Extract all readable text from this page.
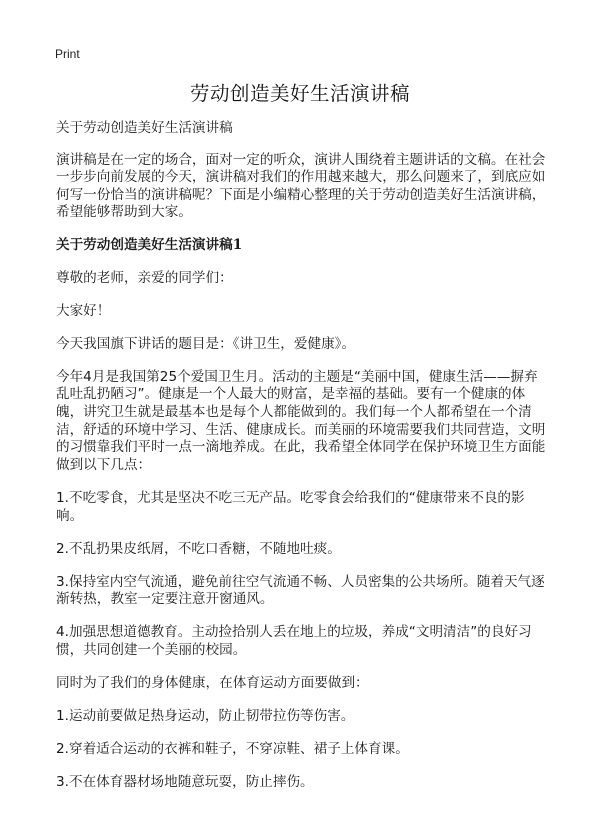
Print
劳动创造美好生活演讲稿

关于劳动创造美好生活演讲稿

演讲稿是在一定的场合，面对一定的听众，演讲人围绕着主题讲话的文稿。在社会一步步向前发展的今天，演讲稿对我们的作用越来越大，那么问题来了，到底应如何写一份恰当的演讲稿呢？下面是小编精心整理的关于劳动创造美好生活演讲稿，希望能够帮助到大家。

关于劳动创造美好生活演讲稿1

尊敬的老师，亲爱的同学们：

大家好！

今天我国旗下讲话的题目是：《讲卫生，爱健康》。

今年4月是我国第25个爱国卫生月。活动的主题是“美丽中国，健康生活——摒弃乱吐乱扔陋习”。健康是一个人最大的财富，是幸福的基础。要有一个健康的体魄，讲究卫生就是最基本也是每个人都能做到的。我们每一个人都希望在一个清洁，舒适的环境中学习、生活、健康成长。而美丽的环境需要我们共同营造，文明的习惯靠我们平时一点一滴地养成。在此，我希望全体同学在保护环境卫生方面能做到以下几点：

1.不吃零食，尤其是坚决不吃三无产品。吃零食会给我们的“健康带来不良的影响。

2.不乱扔果皮纸屑，不吃口香糖，不随地吐痰。

3.保持室内空气流通，避免前往空气流通不畅、人员密集的公共场所。随着天气逐渐转热，教室一定要注意开窗通风。

4.加强思想道德教育。主动捡拾别人丢在地上的垃圾，养成“文明清洁”的良好习惯，共同创建一个美丽的校园。

同时为了我们的身体健康，在体育运动方面要做到：

1.运动前要做足热身运动，防止韧带拉伤等伤害。

2.穿着适合运动的衣裤和鞋子，不穿凉鞋、裙子上体育课。

3.不在体育器材场地随意玩耍，防止摔伤。
